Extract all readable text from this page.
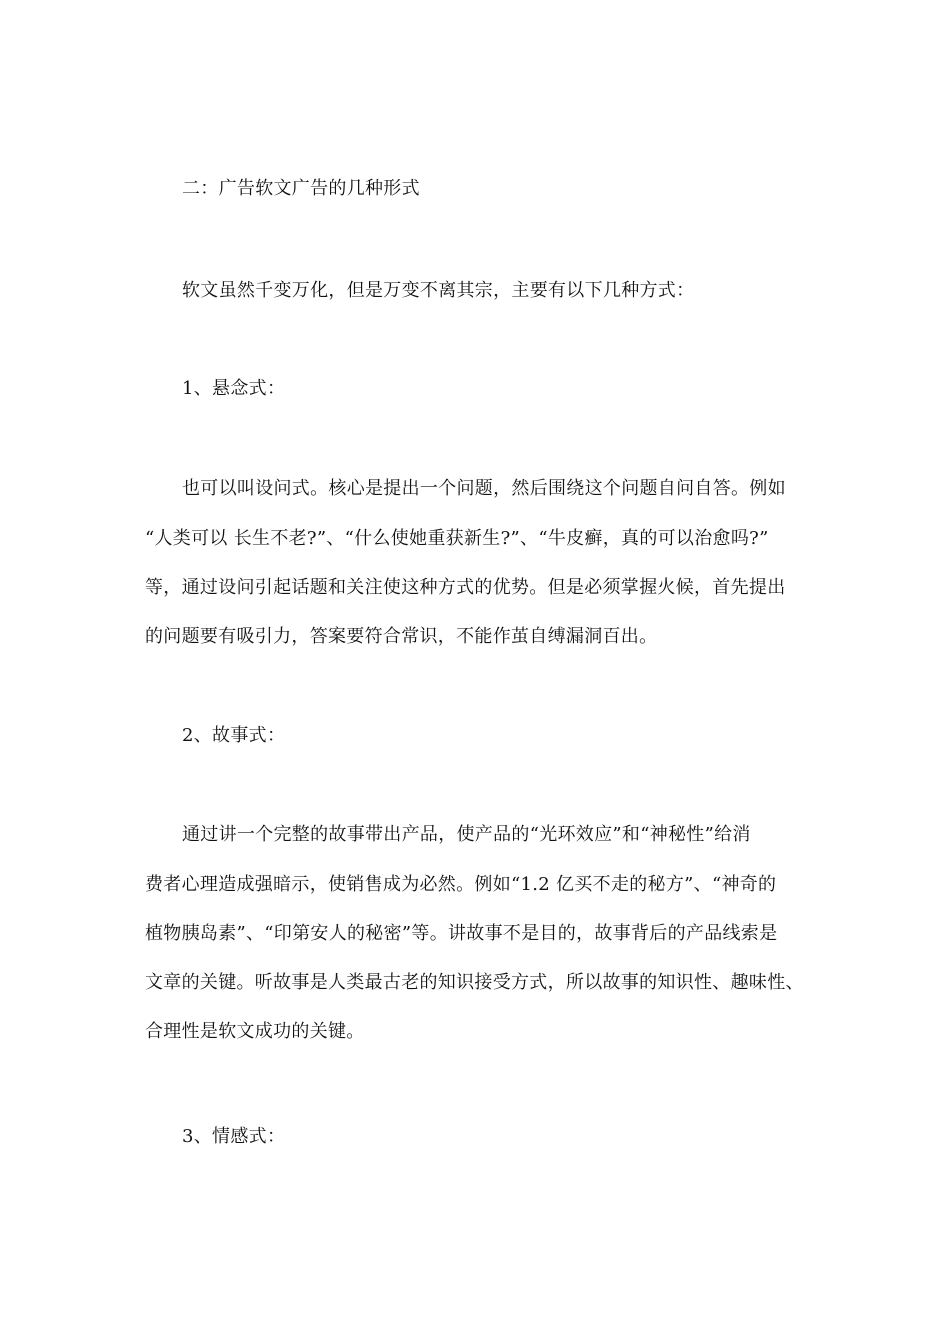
二：广告软文广告的几种形式
软文虽然千变万化，但是万变不离其宗，主要有以下几种方式：
1、悬念式：
也可以叫设问式。核心是提出一个问题，然后围绕这个问题自问自答。例如
“人类可以 长生不老?”、“什么使她重获新生?”、“牛皮癣，真的可以治愈吗?”
等，通过设问引起话题和关注使这种方式的优势。但是必须掌握火候，首先提出
的问题要有吸引力，答案要符合常识，不能作茧自缚漏洞百出。
2、故事式：
通过讲一个完整的故事带出产品，使产品的“光环效应”和“神秘性”给消
费者心理造成强暗示，使销售成为必然。例如“1.2 亿买不走的秘方”、“神奇的
植物胰岛素”、“印第安人的秘密”等。讲故事不是目的，故事背后的产品线索是
文章的关键。听故事是人类最古老的知识接受方式，所以故事的知识性、趣味性、
合理性是软文成功的关键。
3、情感式：
